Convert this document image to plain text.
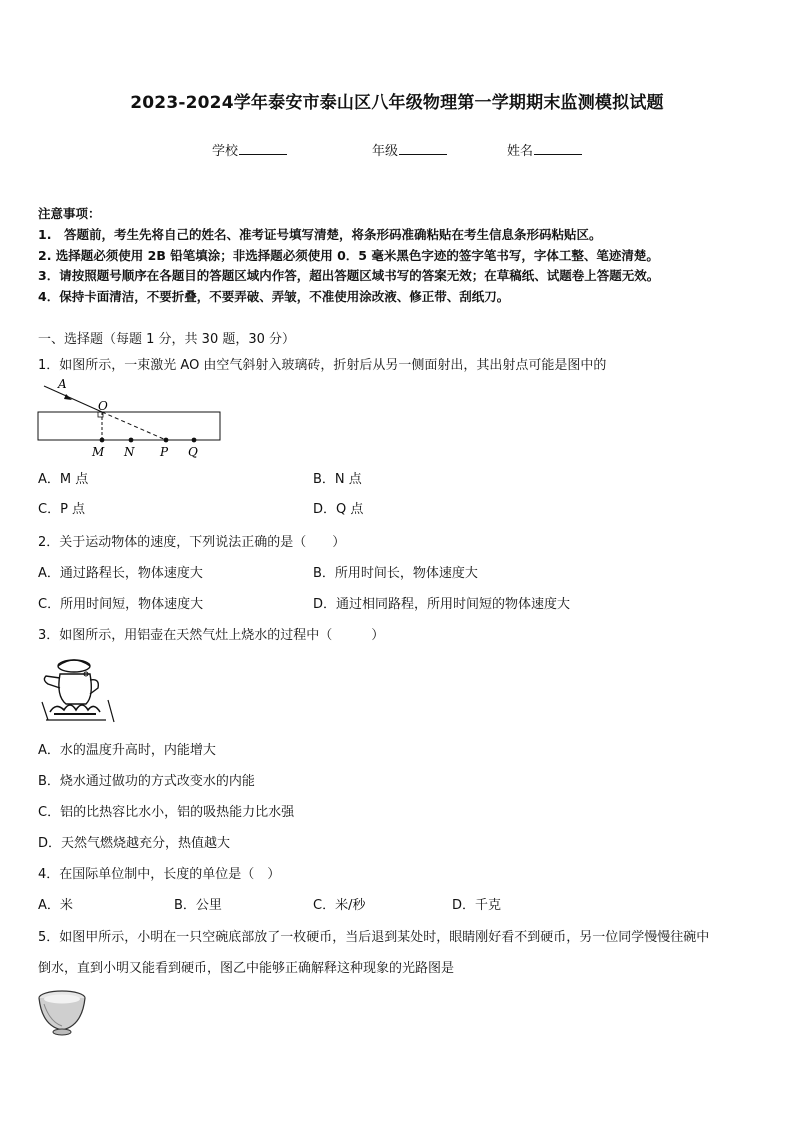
2023-2024学年泰安市泰山区八年级物理第一学期期末监测模拟试题
学校	年级	姓名
注意事项：
1.　答题前，考生先将自己的姓名、准考证号填写清楚，将条形码准确粘贴在考生信息条形码粘贴区。
2. 选择题必须使用 2B 铅笔填涂；非选择题必须使用 0．5 毫米黑色字迹的签字笔书写，字体工整、笔迹清楚。
3．请按照题号顺序在各题目的答题区域内作答，超出答题区域书写的答案无效；在草稿纸、试题卷上答题无效。
4．保持卡面清洁，不要折叠，不要弄破、弄皱，不准使用涂改液、修正带、刮纸刀。
一、选择题（每题 1 分，共 30 题，30 分）
1．如图所示，一束激光 AO 由空气斜射入玻璃砖，折射后从另一侧面射出，其出射点可能是图中的
A
O
M N P Q
A．M 点	B．N 点
C．P 点	D．Q 点
2．关于运动物体的速度，下列说法正确的是（　　）
A．通过路程长，物体速度大	B．所用时间长，物体速度大
C．所用时间短，物体速度大	D．通过相同路程，所用时间短的物体速度大
3．如图所示，用铝壶在天然气灶上烧水的过程中（　　　）
A．水的温度升高时，内能增大
B．烧水通过做功的方式改变水的内能
C．铝的比热容比水小，铝的吸热能力比水强
D．天然气燃烧越充分，热值越大
4．在国际单位制中，长度的单位是（　）
A．米	B．公里	C．米/秒	D．千克
5．如图甲所示，小明在一只空碗底部放了一枚硬币，当后退到某处时，眼睛刚好看不到硬币，另一位同学慢慢往碗中
倒水，直到小明又能看到硬币，图乙中能够正确解释这种现象的光路图是
